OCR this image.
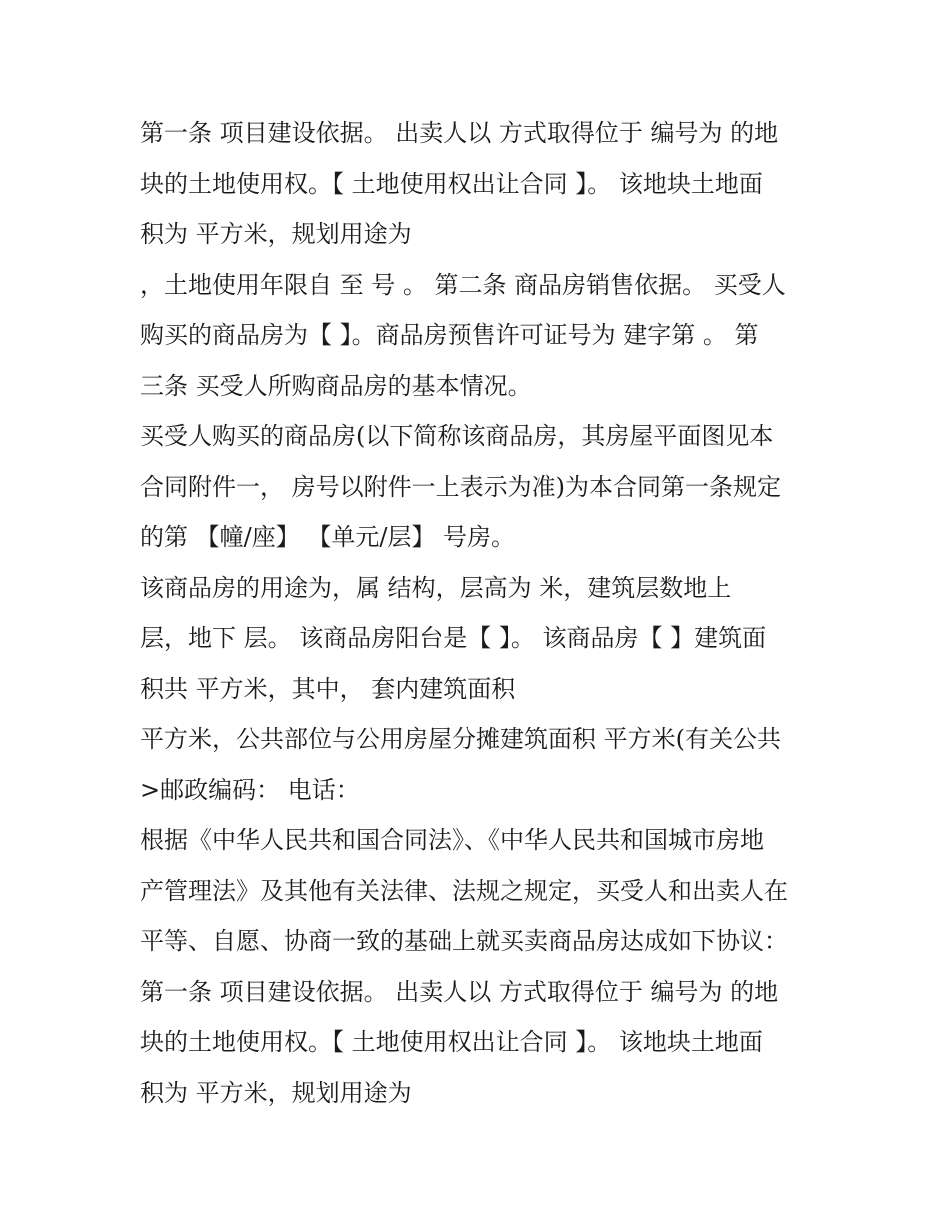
第一条 项目建设依据。 出卖人以 方式取得位于 编号为 的地

块的土地使用权。【 土地使用权出让合同 】。 该地块土地面

积为 平方米，规划用途为

，土地使用年限自 至 号 。 第二条 商品房销售依据。 买受人

购买的商品房为【 】。商品房预售许可证号为 建字第 。 第

三条 买受人所购商品房的基本情况。

买受人购买的商品房(以下简称该商品房，其房屋平面图见本

合同附件一， 房号以附件一上表示为准)为本合同第一条规定

的第 【幢/座】 【单元/层】 号房。

该商品房的用途为，属 结构，层高为 米，建筑层数地上

层，地下 层。 该商品房阳台是【 】。 该商品房【 】建筑面

积共 平方米，其中， 套内建筑面积

平方米，公共部位与公用房屋分摊建筑面积 平方米(有关公共

>邮政编码： 电话：

根据《中华人民共和国合同法》、《中华人民共和国城市房地

产管理法》及其他有关法律、法规之规定，买受人和出卖人在

平等、自愿、协商一致的基础上就买卖商品房达成如下协议：

第一条 项目建设依据。 出卖人以 方式取得位于 编号为 的地

块的土地使用权。【 土地使用权出让合同 】。 该地块土地面

积为 平方米，规划用途为
